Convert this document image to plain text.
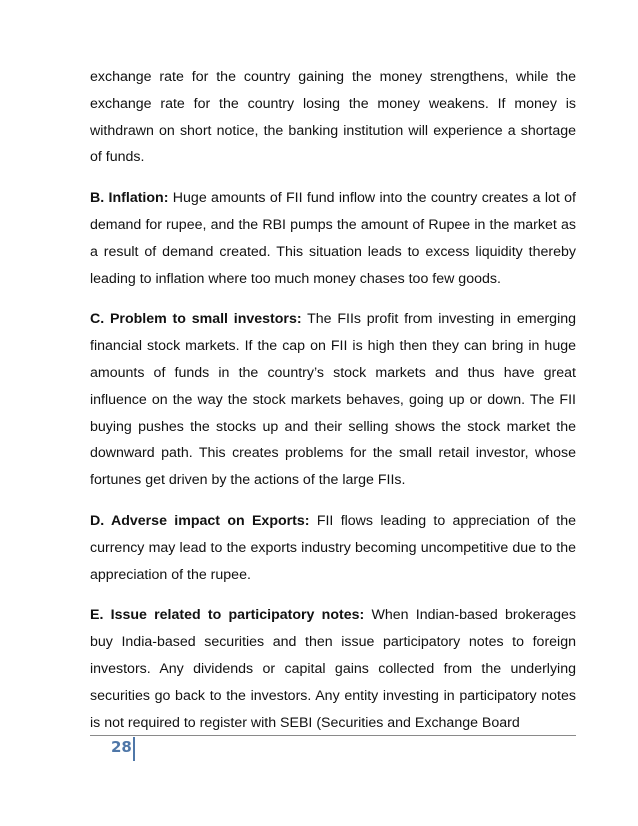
exchange rate for the country gaining the money strengthens, while the exchange rate for the country losing the money weakens. If money is withdrawn on short notice, the banking institution will experience a shortage of funds.

B. Inflation: Huge amounts of FII fund inflow into the country creates a lot of demand for rupee, and the RBI pumps the amount of Rupee in the market as a result of demand created. This situation leads to excess liquidity thereby leading to inflation where too much money chases too few goods.

C. Problem to small investors: The FIIs profit from investing in emerging financial stock markets. If the cap on FII is high then they can bring in huge amounts of funds in the country’s stock markets and thus have great influence on the way the stock markets behaves, going up or down. The FII buying pushes the stocks up and their selling shows the stock market the downward path. This creates problems for the small retail investor, whose fortunes get driven by the actions of the large FIIs.

D. Adverse impact on Exports: FII flows leading to appreciation of the currency may lead to the exports industry becoming uncompetitive due to the appreciation of the rupee.

E. Issue related to participatory notes: When Indian-based brokerages buy India-based securities and then issue participatory notes to foreign investors. Any dividends or capital gains collected from the underlying securities go back to the investors. Any entity investing in participatory notes is not required to register with SEBI (Securities and Exchange Board

28
